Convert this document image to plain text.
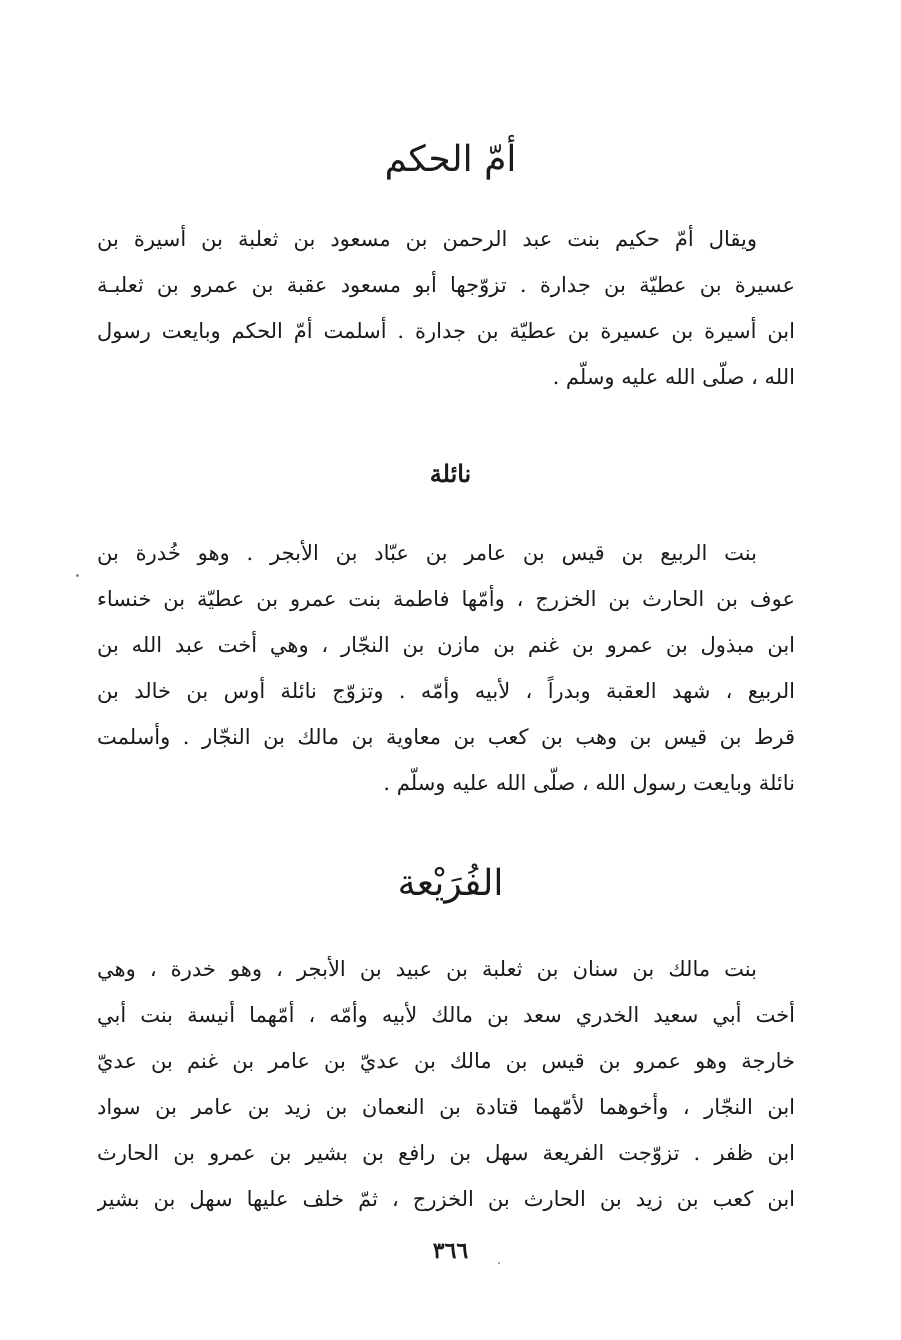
أمّ الحكم
ويقال أمّ حكيم بنت عبد الرحمن بن مسعود بن ثعلبة بن أسيرة بن
عسيرة بن عطيّة بن جدارة . تزوّجها أبو مسعود عقبة بن عمرو بن ثعلبـة
ابن أسيرة بن عسيرة بن عطيّة بن جدارة . أسلمت أمّ الحكم وبايعت رسول
الله ، صلّى الله عليه وسلّم .
نائلة
بنت الربيع بن قيس بن عامر بن عبّاد بن الأبجر . وهو خُدرة بن
عوف بن الحارث بن الخزرج ، وأمّها فاطمة بنت عمرو بن عطيّة بن خنساء
ابن مبذول بن عمرو بن غنم بن مازن بن النجّار ، وهي أخت عبد الله بن
الربيع ، شهد العقبة وبدراً ، لأبيه وأمّه . وتزوّج نائلة أوس بن خالد بن
قرط بن قيس بن وهب بن كعب بن معاوية بن مالك بن النجّار . وأسلمت
نائلة وبايعت رسول الله ، صلّى الله عليه وسلّم .
الفُرَيْعة
بنت مالك بن سنان بن ثعلبة بن عبيد بن الأبجر ، وهو خدرة ، وهي
أخت أبي سعيد الخدري سعد بن مالك لأبيه وأمّه ، أمّهما أنيسة بنت أبي
خارجة وهو عمرو بن قيس بن مالك بن عديّ بن عامر بن غنم بن عديّ
ابن النجّار ، وأخوهما لأمّهما قتادة بن النعمان بن زيد بن عامر بن سواد
ابن ظفر . تزوّجت الفريعة سهل بن رافع بن بشير بن عمرو بن الحارث
ابن كعب بن زيد بن الحارث بن الخزرج ، ثمّ خلف عليها سهل بن بشير

٣٦٦
